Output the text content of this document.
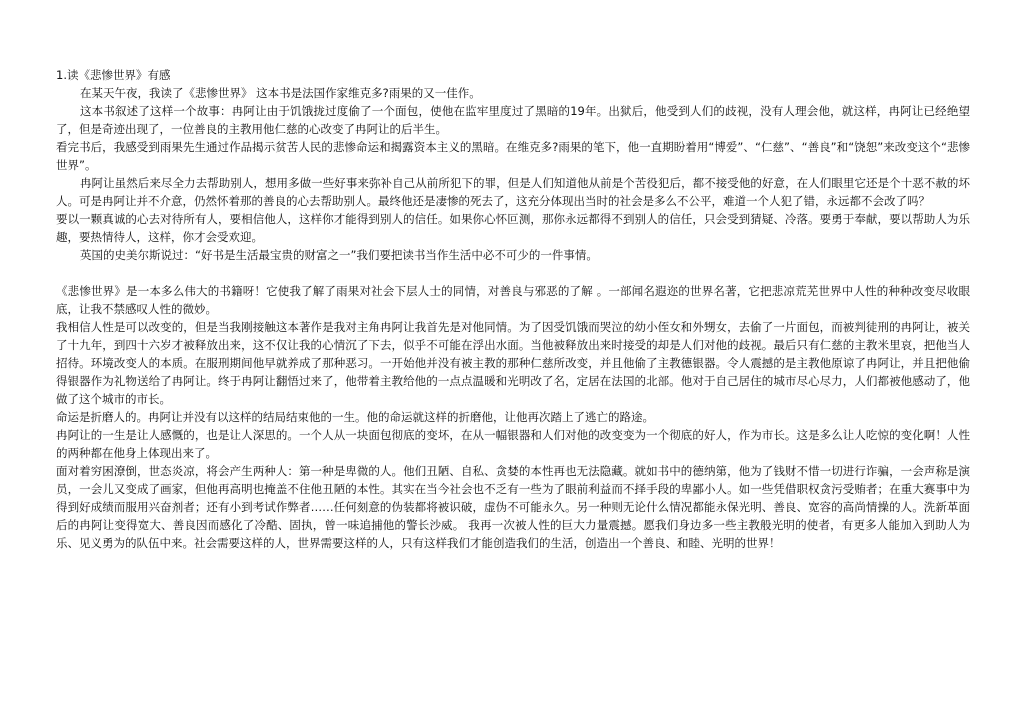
1.读《悲惨世界》有感

在某天午夜，我读了《悲惨世界》 这本书是法国作家维克多?雨果的又一佳作。

这本书叙述了这样一个故事：冉阿让由于饥饿拢过度偷了一个面包，使他在监牢里度过了黑暗的19年。出狱后，他受到人们的歧视，没有人理会他，就这样，冉阿让已经绝望了，但是奇迹出现了，一位善良的主教用他仁慈的心改变了冉阿让的后半生。

看完书后，我感受到雨果先生通过作品揭示贫苦人民的悲惨命运和揭露资本主义的黑暗。在维克多?雨果的笔下，他一直期盼着用“博爱”、“仁慈”、“善良”和“饶恕”来改变这个“悲惨世界”。

冉阿让虽然后来尽全力去帮助别人，想用多做一些好事来弥补自己从前所犯下的罪，但是人们知道他从前是个苦役犯后，都不接受他的好意，在人们眼里它还是个十恶不赦的坏人。可是冉阿让并不介意，仍然怀着那的善良的心去帮助别人。最终他还是凄惨的死去了，这充分体现出当时的社会是多么不公平，难道一个人犯了错，永远都不会改了吗？

要以一颗真诚的心去对待所有人，要相信他人，这样你才能得到别人的信任。如果你心怀叵测，那你永远都得不到别人的信任，只会受到猜疑、冷落。要勇于奉献，要以帮助人为乐趣，要热情待人，这样，你才会受欢迎。

英国的史美尔斯说过：“好书是生活最宝贵的财富之一”我们要把读书当作生活中必不可少的一件事情。

《悲惨世界》是一本多么伟大的书籍呀！它使我了解了雨果对社会下层人士的同情，对善良与邪恶的了解 。一部闻名遐迩的世界名著，它把悲凉荒芜世界中人性的种种改变尽收眼底，让我不禁感叹人性的微妙。

我相信人性是可以改变的，但是当我刚接触这本著作是我对主角冉阿让我首先是对他同情。为了因受饥饿而哭泣的幼小侄女和外甥女，去偷了一片面包，而被判徒刑的冉阿让，被关了十九年，到四十六岁才被释放出来，这不仅让我的心情沉了下去，似乎不可能在浮出水面。当他被释放出来时接受的却是人们对他的歧视。最后只有仁慈的主教米里哀，把他当人招待。环境改变人的本质。在服刑期间他早就养成了那种恶习。一开始他并没有被主教的那种仁慈所改变，并且他偷了主教德银器。令人震撼的是主教他原谅了冉阿让，并且把他偷得银器作为礼物送给了冉阿让。终于冉阿让翻悟过来了，他带着主教给他的一点点温暖和光明改了名，定居在法国的北部。他对于自己居住的城市尽心尽力，人们都被他感动了，他做了这个城市的市长。

命运是折磨人的。冉阿让并没有以这样的结局结束他的一生。他的命运就这样的折磨他，让他再次踏上了逃亡的路途。

冉阿让的一生是让人感慨的，也是让人深思的。一个人从一块面包彻底的变坏，在从一幅银器和人们对他的改变变为一个彻底的好人，作为市长。这是多么让人吃惊的变化啊！人性的两种都在他身上体现出来了。

面对着穷困潦倒，世态炎凉，将会产生两种人：第一种是卑微的人。他们丑陋、自私、贪婪的本性再也无法隐藏。就如书中的德纳第，他为了钱财不惜一切进行诈骗，一会声称是演员，一会儿又变成了画家，但他再高明也掩盖不住他丑陋的本性。其实在当今社会也不乏有一些为了眼前利益而不择手段的卑鄙小人。如一些凭借职权贪污受贿者；在重大赛事中为得到好成绩而服用兴奋剂者；还有小到考试作弊者……任何刻意的伪装都将被识破，虚伪不可能永久。另一种则无论什么情况都能永保光明、善良、宽容的高尚情操的人。洗新革面后的冉阿让变得宽大、善良因而感化了冷酷、固执，曾一味追捕他的警长沙威。 我再一次被人性的巨大力量震撼。愿我们身边多一些主教般光明的使者，有更多人能加入到助人为乐、见义勇为的队伍中来。社会需要这样的人，世界需要这样的人，只有这样我们才能创造我们的生活，创造出一个善良、和睦、光明的世界！
